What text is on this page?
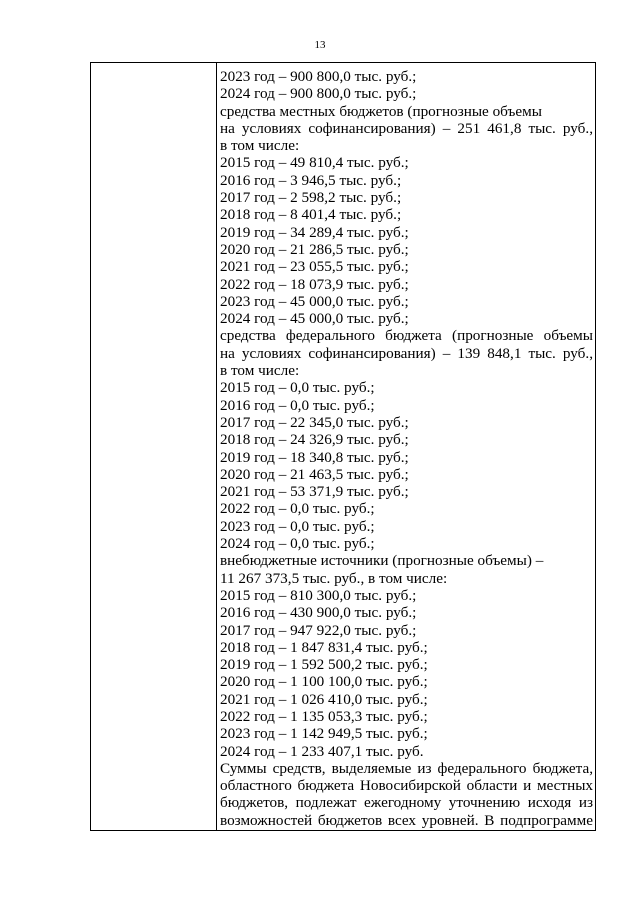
13
2023 год – 900 800,0 тыс. руб.;
2024 год – 900 800,0 тыс. руб.;
средства местных бюджетов (прогнозные объемы
на условиях софинансирования) – 251 461,8 тыс. руб.,
в том числе:
2015 год – 49 810,4 тыс. руб.;
2016 год – 3 946,5 тыс. руб.;
2017 год – 2 598,2 тыс. руб.;
2018 год – 8 401,4 тыс. руб.;
2019 год – 34 289,4 тыс. руб.;
2020 год – 21 286,5 тыс. руб.;
2021 год – 23 055,5 тыс. руб.;
2022 год – 18 073,9 тыс. руб.;
2023 год – 45 000,0 тыс. руб.;
2024 год – 45 000,0 тыс. руб.;
средства федерального бюджета (прогнозные объемы
на условиях софинансирования) – 139 848,1 тыс. руб.,
в том числе:
2015 год – 0,0 тыс. руб.;
2016 год – 0,0 тыс. руб.;
2017 год – 22 345,0 тыс. руб.;
2018 год – 24 326,9 тыс. руб.;
2019 год – 18 340,8 тыс. руб.;
2020 год – 21 463,5 тыс. руб.;
2021 год – 53 371,9 тыс. руб.;
2022 год – 0,0 тыс. руб.;
2023 год – 0,0 тыс. руб.;
2024 год – 0,0 тыс. руб.;
внебюджетные источники (прогнозные объемы) –
11 267 373,5 тыс. руб., в том числе:
2015 год – 810 300,0 тыс. руб.;
2016 год – 430 900,0 тыс. руб.;
2017 год – 947 922,0 тыс. руб.;
2018 год – 1 847 831,4 тыс. руб.;
2019 год – 1 592 500,2 тыс. руб.;
2020 год – 1 100 100,0 тыс. руб.;
2021 год – 1 026 410,0 тыс. руб.;
2022 год – 1 135 053,3 тыс. руб.;
2023 год – 1 142 949,5 тыс. руб.;
2024 год – 1 233 407,1 тыс. руб.
Суммы средств, выделяемые из федерального бюджета,
областного бюджета Новосибирской области и местных
бюджетов, подлежат ежегодному уточнению исходя из
возможностей бюджетов всех уровней. В подпрограмме
